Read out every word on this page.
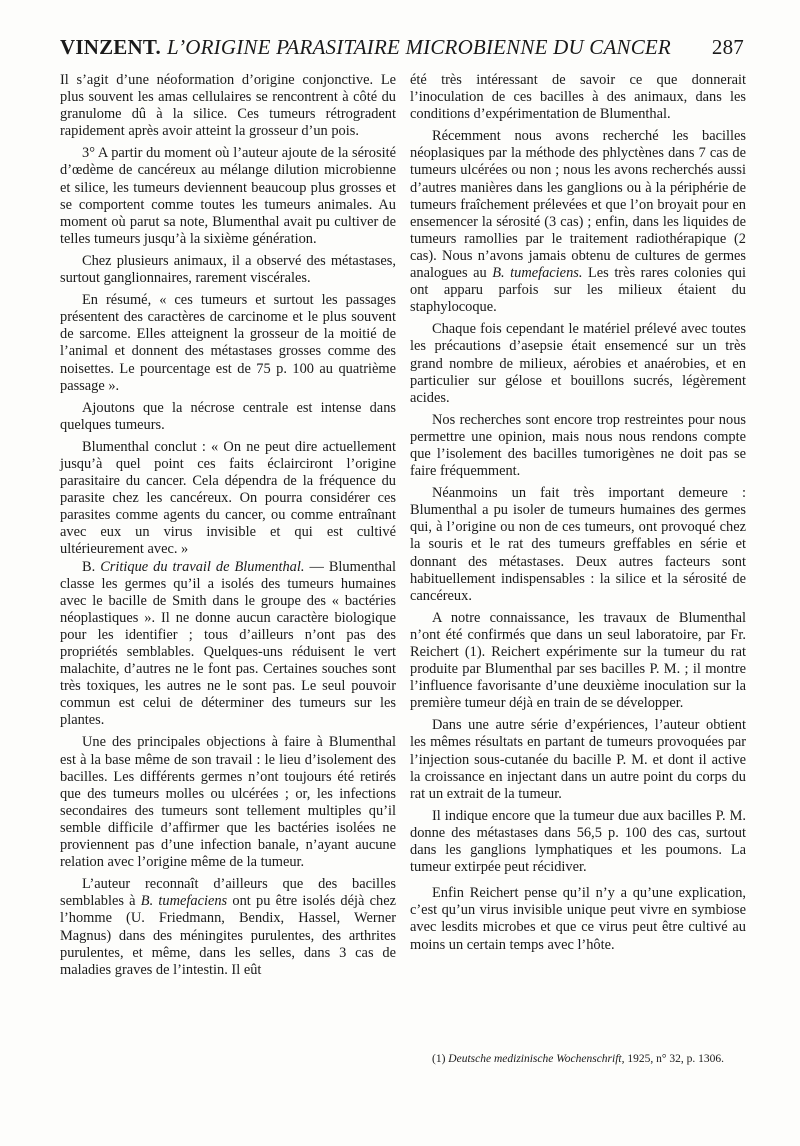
VINZENT. L’ORIGINE PARASITAIRE MICROBIENNE DU CANCER 287

Il s’agit d’une néoformation d’origine conjonctive. Le plus souvent les amas cellulaires se rencontrent à côté du granulome dû à la silice. Ces tumeurs rétrogradent rapidement après avoir atteint la grosseur d’un pois.

3° A partir du moment où l’auteur ajoute de la sérosité d’œdème de cancéreux au mélange dilution microbienne et silice, les tumeurs deviennent beaucoup plus grosses et se comportent comme toutes les tumeurs animales. Au moment où parut sa note, Blumenthal avait pu cultiver de telles tumeurs jusqu’à la sixième génération.

Chez plusieurs animaux, il a observé des métastases, surtout ganglionnaires, rarement viscérales.

En résumé, « ces tumeurs et surtout les passages présentent des caractères de carcinome et le plus souvent de sarcome. Elles atteignent la grosseur de la moitié de l’animal et donnent des métastases grosses comme des noisettes. Le pourcentage est de 75 p. 100 au quatrième passage ».

Ajoutons que la nécrose centrale est intense dans quelques tumeurs.

Blumenthal conclut : « On ne peut dire actuellement jusqu’à quel point ces faits éclairciront l’origine parasitaire du cancer. Cela dépendra de la fréquence du parasite chez les cancéreux. On pourra considérer ces parasites comme agents du cancer, ou comme entraînant avec eux un virus invisible et qui est cultivé ultérieurement avec. »

B. Critique du travail de Blumenthal. — Blumenthal classe les germes qu’il a isolés des tumeurs humaines avec le bacille de Smith dans le groupe des « bactéries néoplastiques ». Il ne donne aucun caractère biologique pour les identifier ; tous d’ailleurs n’ont pas des propriétés semblables. Quelques-uns réduisent le vert malachite, d’autres ne le font pas. Certaines souches sont très toxiques, les autres ne le sont pas. Le seul pouvoir commun est celui de déterminer des tumeurs sur les plantes.

Une des principales objections à faire à Blumenthal est à la base même de son travail : le lieu d’isolement des bacilles. Les différents germes n’ont toujours été retirés que des tumeurs molles ou ulcérées ; or, les infections secondaires des tumeurs sont tellement multiples qu’il semble difficile d’affirmer que les bactéries isolées ne proviennent pas d’une infection banale, n’ayant aucune relation avec l’origine même de la tumeur.

L’auteur reconnaît d’ailleurs que des bacilles semblables à B. tumefaciens ont pu être isolés déjà chez l’homme (U. Friedmann, Bendix, Hassel, Werner Magnus) dans des méningites purulentes, des arthrites purulentes, et même, dans les selles, dans 3 cas de maladies graves de l’intestin. Il eût

été très intéressant de savoir ce que donnerait l’inoculation de ces bacilles à des animaux, dans les conditions d’expérimentation de Blumenthal.

Récemment nous avons recherché les bacilles néoplasiques par la méthode des phlyctènes dans 7 cas de tumeurs ulcérées ou non ; nous les avons recherchés aussi d’autres manières dans les ganglions ou à la périphérie de tumeurs fraîchement prélevées et que l’on broyait pour en ensemencer la sérosité (3 cas) ; enfin, dans les liquides de tumeurs ramollies par le traitement radiothérapique (2 cas). Nous n’avons jamais obtenu de cultures de germes analogues au B. tumefaciens. Les très rares colonies qui ont apparu parfois sur les milieux étaient du staphylocoque.

Chaque fois cependant le matériel prélevé avec toutes les précautions d’asepsie était ensemencé sur un très grand nombre de milieux, aérobies et anaérobies, et en particulier sur gélose et bouillons sucrés, légèrement acides.

Nos recherches sont encore trop restreintes pour nous permettre une opinion, mais nous nous rendons compte que l’isolement des bacilles tumorigènes ne doit pas se faire fréquemment.

Néanmoins un fait très important demeure : Blumenthal a pu isoler de tumeurs humaines des germes qui, à l’origine ou non de ces tumeurs, ont provoqué chez la souris et le rat des tumeurs greffables en série et donnant des métastases. Deux autres facteurs sont habituellement indispensables : la silice et la sérosité de cancéreux.

A notre connaissance, les travaux de Blumenthal n’ont été confirmés que dans un seul laboratoire, par Fr. Reichert (1). Reichert expérimente sur la tumeur du rat produite par Blumenthal par ses bacilles P. M. ; il montre l’influence favorisante d’une deuxième inoculation sur la première tumeur déjà en train de se développer.

Dans une autre série d’expériences, l’auteur obtient les mêmes résultats en partant de tumeurs provoquées par l’injection sous-cutanée du bacille P. M. et dont il active la croissance en injectant dans un autre point du corps du rat un extrait de la tumeur.

Il indique encore que la tumeur due aux bacilles P. M. donne des métastases dans 56,5 p. 100 des cas, surtout dans les ganglions lymphatiques et les poumons. La tumeur extirpée peut récidiver.

Enfin Reichert pense qu’il n’y a qu’une explication, c’est qu’un virus invisible unique peut vivre en symbiose avec lesdits microbes et que ce virus peut être cultivé au moins un certain temps avec l’hôte.

(1) Deutsche medizinische Wochenschrift, 1925, n° 32, p. 1306.
